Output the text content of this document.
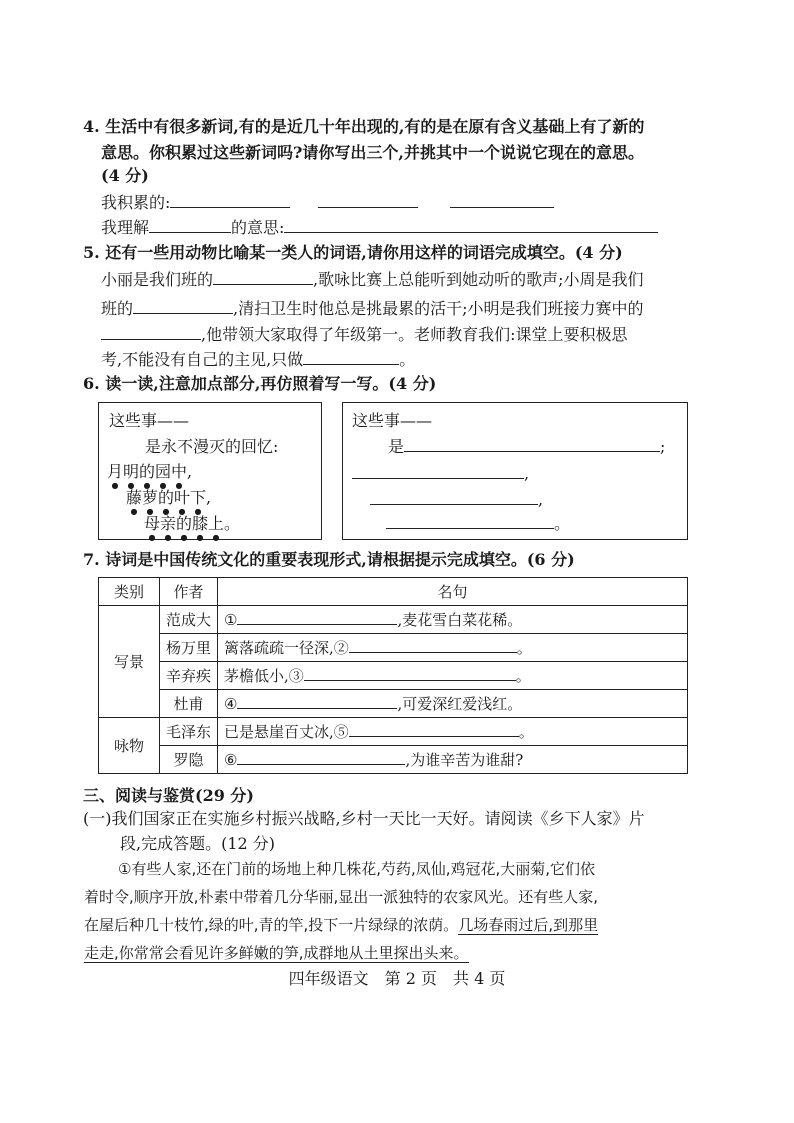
4. 生活中有很多新词,有的是近几十年出现的,有的是在原有含义基础上有了新的
意思。你积累过这些新词吗?请你写出三个,并挑其中一个说说它现在的意思。
(4 分)
我积累的:
我理解	的意思:
5. 还有一些用动物比喻某一类人的词语,请你用这样的词语完成填空。(4 分)
小丽是我们班的	,歌咏比赛上总能听到她动听的歌声;小周是我们
班的	,清扫卫生时他总是挑最累的活干;小明是我们班接力赛中的
,他带领大家取得了年级第一。老师教育我们:课堂上要积极思
考,不能没有自己的主见,只做	。
6. 读一读,注意加点部分,再仿照着写一写。(4 分)
这些事——
是永不漫灭的回忆:
月明的园中,
藤萝的叶下,
母亲的膝上。
这些事——
是	;
,
,
。
7. 诗词是中国传统文化的重要表现形式,请根据提示完成填空。(6 分)
类别	作者	名句
写景	范成大	① ,麦花雪白菜花稀。
	杨万里	篱落疏疏一径深,② 。
	辛弃疾	茅檐低小,③ 。
	杜甫	④ ,可爱深红爱浅红。
咏物	毛泽东	已是悬崖百丈冰,⑤ 。
	罗隐	⑥ ,为谁辛苦为谁甜?
三、阅读与鉴赏(29 分)
(一)我们国家正在实施乡村振兴战略,乡村一天比一天好。请阅读《乡下人家》片
段,完成答题。(12 分)
①有些人家,还在门前的场地上种几株花,芍药,凤仙,鸡冠花,大丽菊,它们依
着时令,顺序开放,朴素中带着几分华丽,显出一派独特的农家风光。还有些人家,
在屋后种几十枝竹,绿的叶,青的竿,投下一片绿绿的浓荫。几场春雨过后,到那里
走走,你常常会看见许多鲜嫩的笋,成群地从土里探出头来。
四年级语文　第 2 页　共 4 页
